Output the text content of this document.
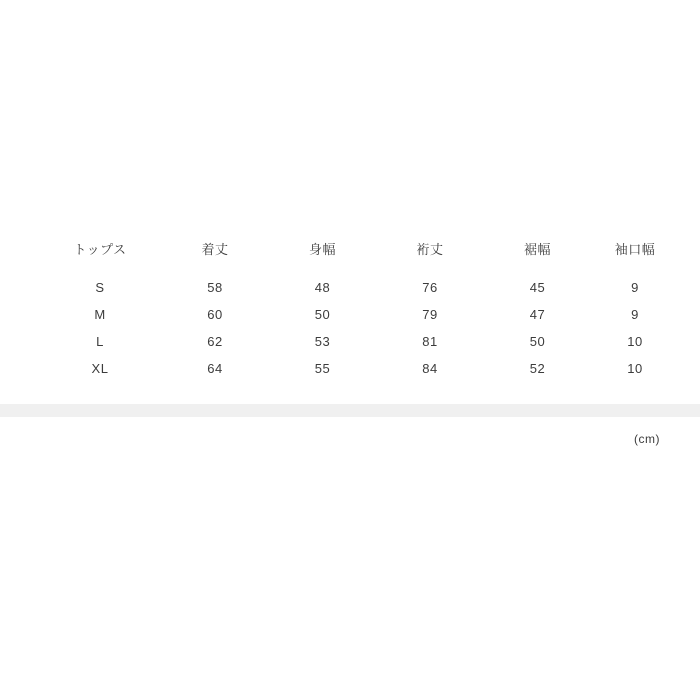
トップス	着丈	身幅	裄丈	裾幅	袖口幅
S	58	48	76	45	9
M	60	50	79	47	9
L	62	53	81	50	10
XL	64	55	84	52	10
(cm)
